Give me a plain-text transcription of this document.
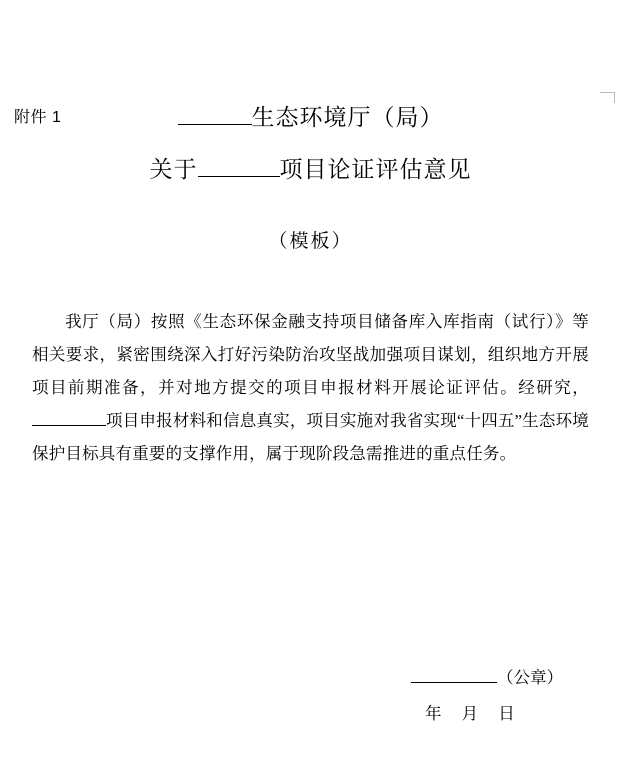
附件 1	生态环境厅（局）
关于	项目论证评估意见
（模板）

我厅（局）按照《生态环保金融支持项目储备库入库指南（试行）》等相关要求，紧密围绕深入打好污染防治攻坚战加强项目谋划，组织地方开展项目前期准备，并对地方提交的项目申报材料开展论证评估。经研究，项目申报材料和信息真实，项目实施对我省实现“十四五”生态环境保护目标具有重要的支撑作用，属于现阶段急需推进的重点任务。

（公章）
年 月 日
